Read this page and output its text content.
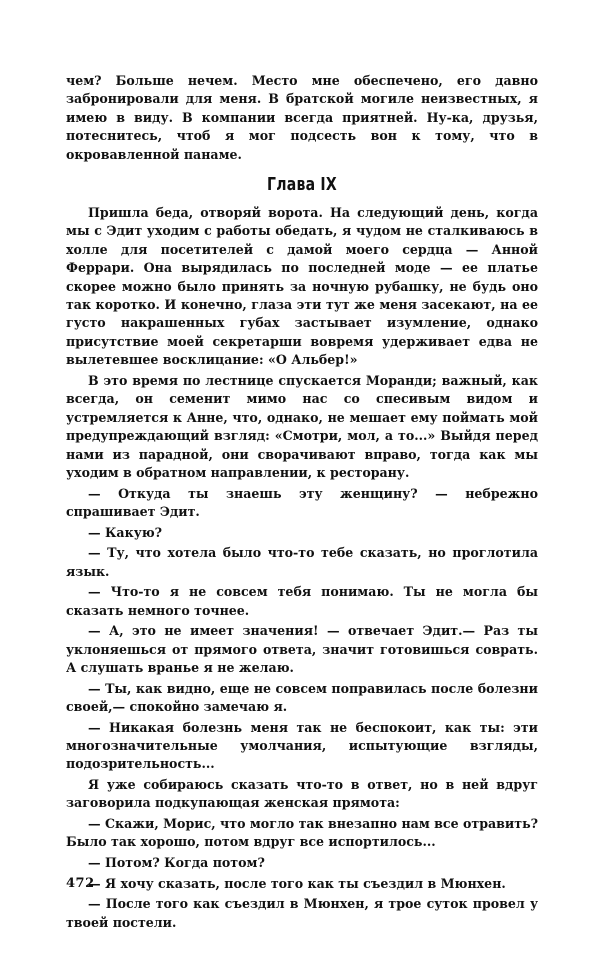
чем? Больше нечем. Место мне обеспечено, его давно забронировали для меня. В братской могиле неизвестных, я имею в виду. В компании всегда приятней. Ну-ка, друзья, потеснитесь, чтоб я мог подсесть вон к тому, что в окровавленной панаме.

Глава IX

Пришла беда, отворяй ворота. На следующий день, когда мы с Эдит уходим с работы обедать, я чудом не сталкиваюсь в холле для посетителей с дамой моего сердца — Анной Феррари. Она вырядилась по последней моде — ее платье скорее можно было принять за ночную рубашку, не будь оно так коротко. И конечно, глаза эти тут же меня засекают, на ее густо накрашенных губах застывает изумление, однако присутствие моей секретарши вовремя удерживает едва не вылетевшее восклицание: «О Альбер!»

В это время по лестнице спускается Моранди; важный, как всегда, он семенит мимо нас со спесивым видом и устремляется к Анне, что, однако, не мешает ему поймать мой предупреждающий взгляд: «Смотри, мол, а то...» Выйдя перед нами из парадной, они сворачивают вправо, тогда как мы уходим в обратном направлении, к ресторану.

— Откуда ты знаешь эту женщину? — небрежно спрашивает Эдит.

— Какую?

— Ту, что хотела было что-то тебе сказать, но проглотила язык.

— Что-то я не совсем тебя понимаю. Ты не могла бы сказать немного точнее.

— А, это не имеет значения! — отвечает Эдит.— Раз ты уклоняешься от прямого ответа, значит готовишься соврать. А слушать вранье я не желаю.

— Ты, как видно, еще не совсем поправилась после болезни своей,— спокойно замечаю я.

— Никакая болезнь меня так не беспокоит, как ты: эти многозначительные умолчания, испытующие взгляды, подозрительность...

Я уже собираюсь сказать что-то в ответ, но в ней вдруг заговорила подкупающая женская прямота:

— Скажи, Морис, что могло так внезапно нам все отравить? Было так хорошо, потом вдруг все испортилось...

— Потом? Когда потом?

— Я хочу сказать, после того как ты съездил в Мюнхен.

— После того как съездил в Мюнхен, я трое суток провел у твоей постели.

472
